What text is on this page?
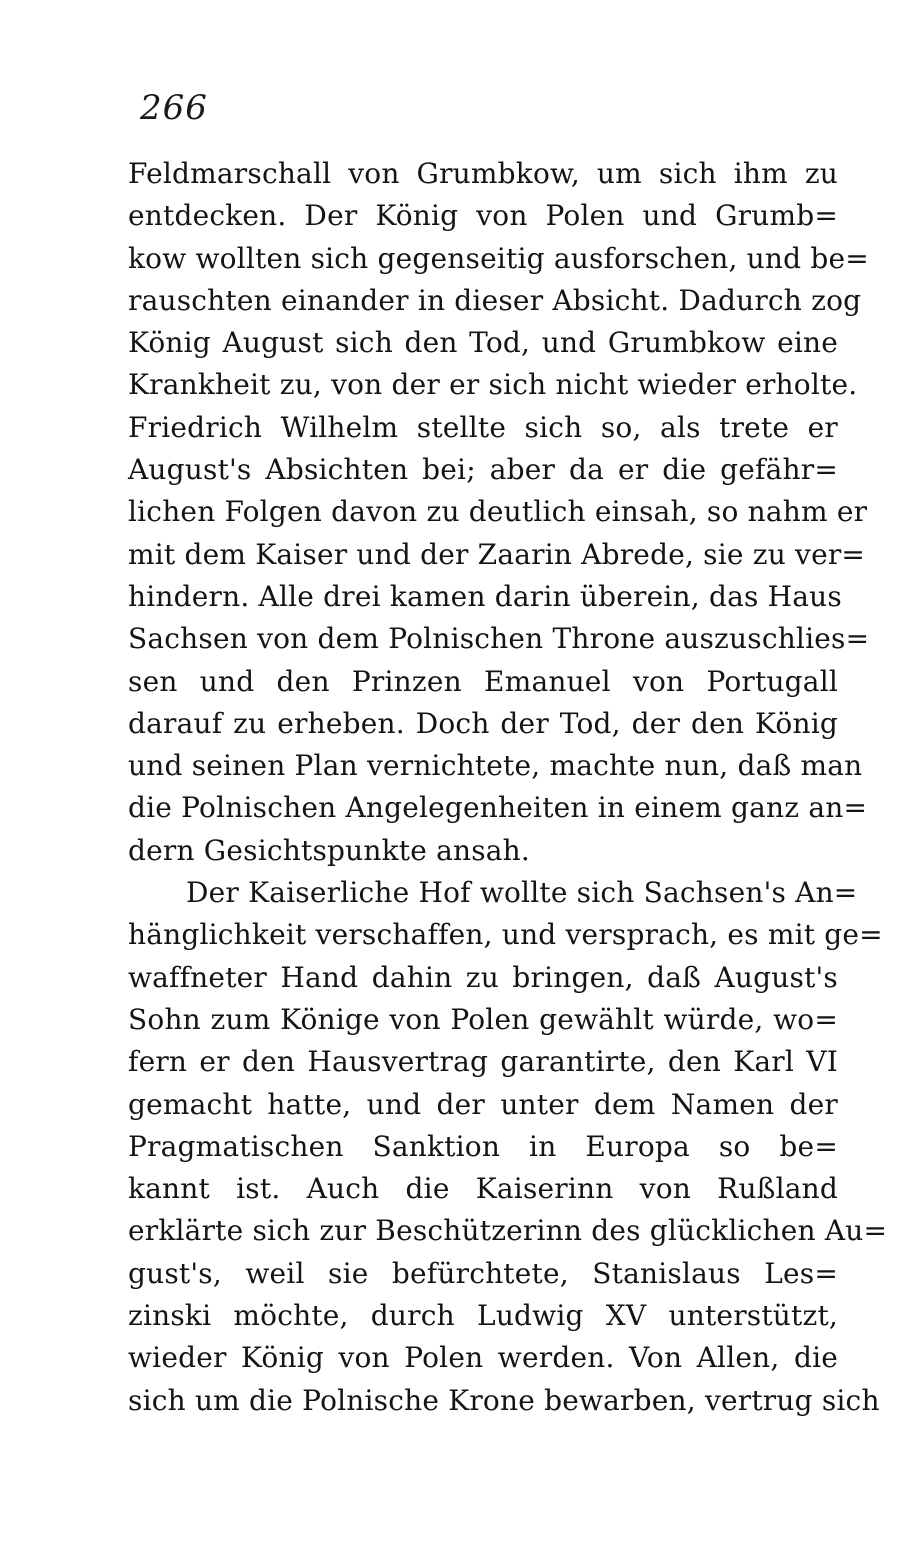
266
Feldmarschall von Grumbkow, um sich ihm zu
entdecken. Der König von Polen und Grumb=
kow wollten sich gegenseitig ausforschen, und be=
rauschten einander in dieser Absicht. Dadurch zog
König August sich den Tod, und Grumbkow eine
Krankheit zu, von der er sich nicht wieder erholte.
Friedrich Wilhelm stellte sich so, als trete er
August's Absichten bei; aber da er die gefähr=
lichen Folgen davon zu deutlich einsah, so nahm er
mit dem Kaiser und der Zaarin Abrede, sie zu ver=
hindern. Alle drei kamen darin überein, das Haus
Sachsen von dem Polnischen Throne auszuschlies=
sen und den Prinzen Emanuel von Portugall
darauf zu erheben. Doch der Tod, der den König
und seinen Plan vernichtete, machte nun, daß man
die Polnischen Angelegenheiten in einem ganz an=
dern Gesichtspunkte ansah.
Der Kaiserliche Hof wollte sich Sachsen's An=
hänglichkeit verschaffen, und versprach, es mit ge=
waffneter Hand dahin zu bringen, daß August's
Sohn zum Könige von Polen gewählt würde, wo=
fern er den Hausvertrag garantirte, den Karl VI
gemacht hatte, und der unter dem Namen der
Pragmatischen Sanktion in Europa so be=
kannt ist. Auch die Kaiserinn von Rußland
erklärte sich zur Beschützerinn des glücklichen Au=
gust's, weil sie befürchtete, Stanislaus Les=
zinski möchte, durch Ludwig XV unterstützt,
wieder König von Polen werden. Von Allen, die
sich um die Polnische Krone bewarben, vertrug sich
